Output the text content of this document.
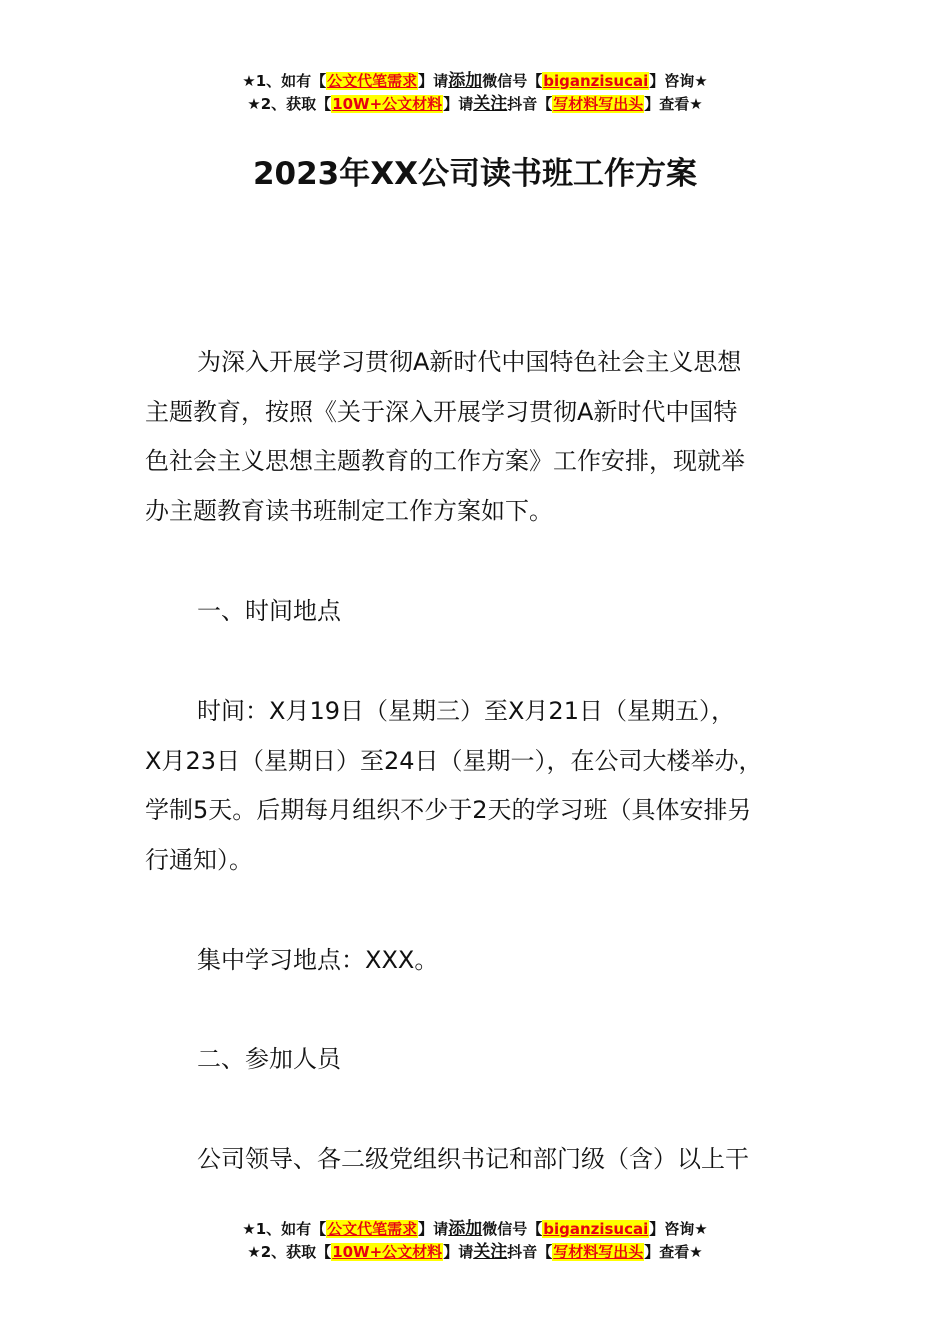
★1、如有【公文代笔需求】请添加微信号【biganzisucai】咨询★
★2、获取【10W+公文材料】请关注抖音【写材料写出头】查看★
2023年XX公司读书班工作方案
为深入开展学习贯彻A新时代中国特色社会主义思想
主题教育，按照《关于深入开展学习贯彻A新时代中国特
色社会主义思想主题教育的工作方案》工作安排，现就举
办主题教育读书班制定工作方案如下。
一、时间地点
时间：X月19日（星期三）至X月21日（星期五），
X月23日（星期日）至24日（星期一），在公司大楼举办，
学制5天。后期每月组织不少于2天的学习班（具体安排另
行通知）。
集中学习地点：XXX。
二、参加人员
公司领导、各二级党组织书记和部门级（含）以上干
★1、如有【公文代笔需求】请添加微信号【biganzisucai】咨询★
★2、获取【10W+公文材料】请关注抖音【写材料写出头】查看★
